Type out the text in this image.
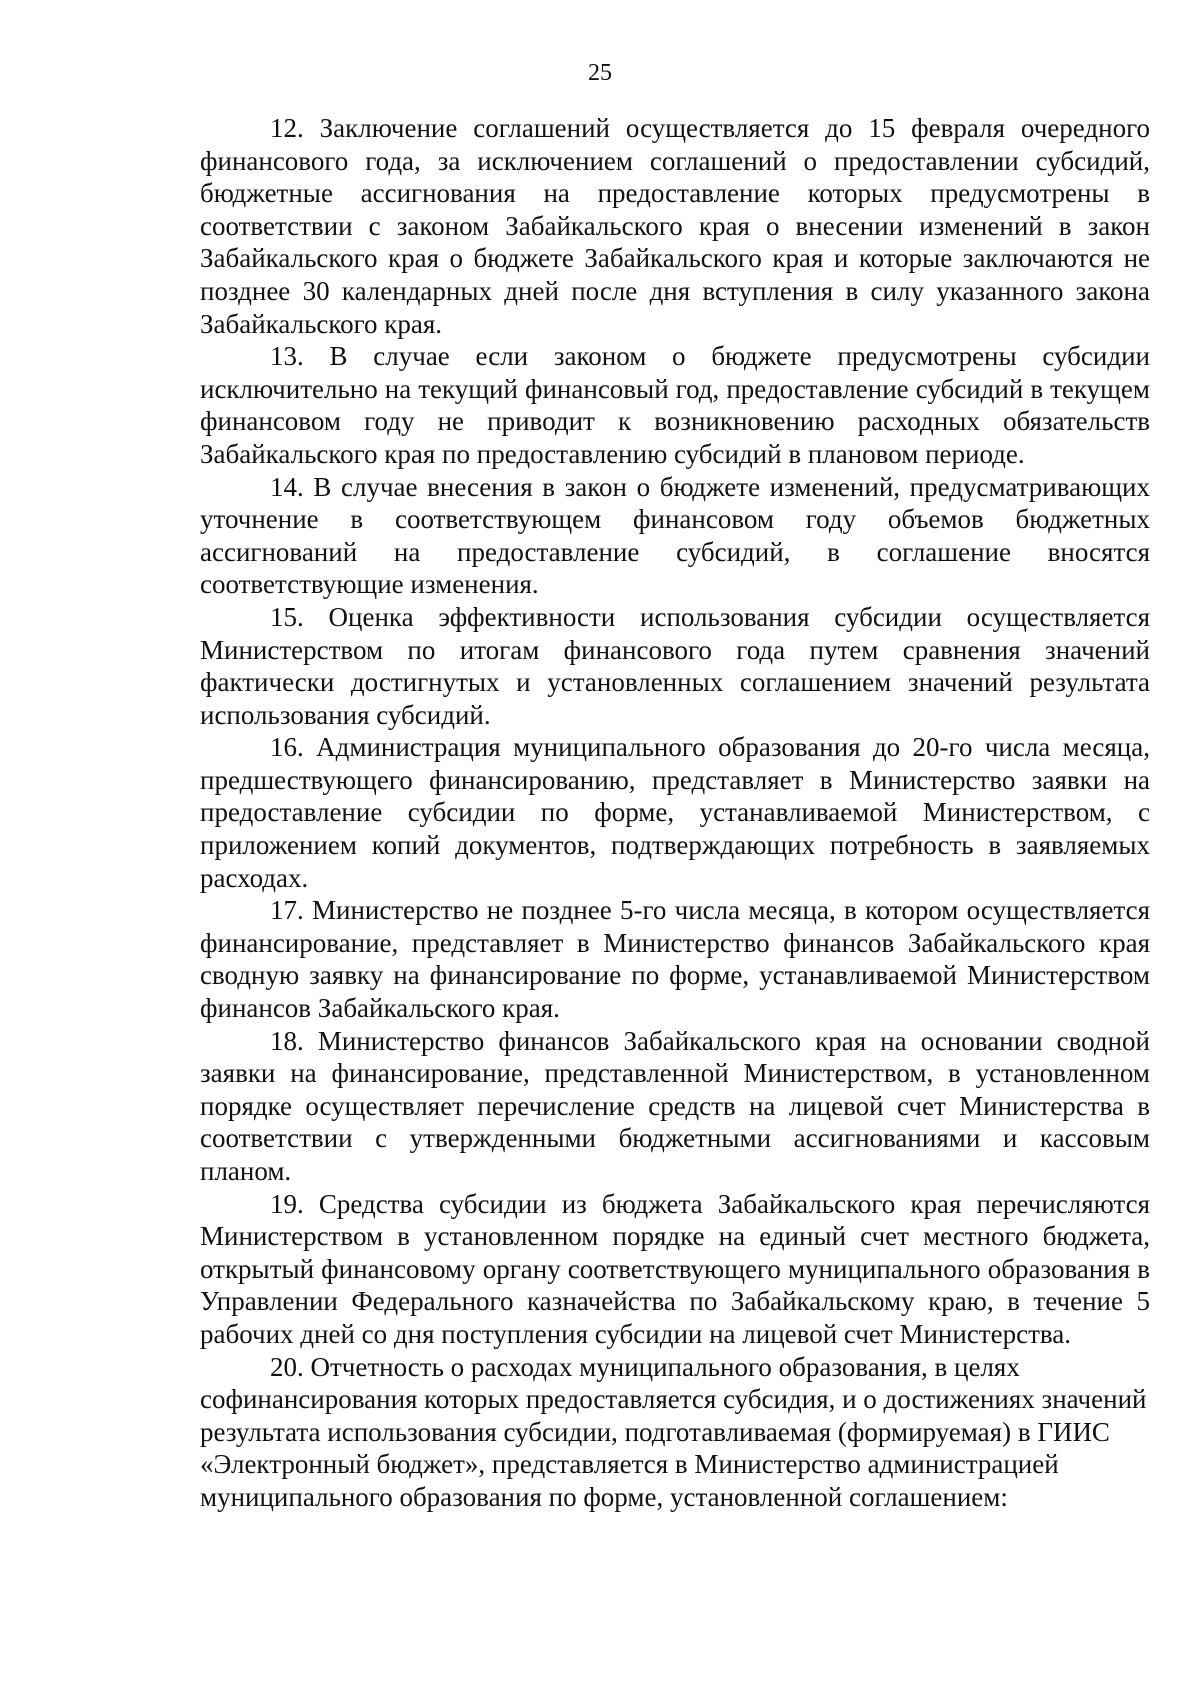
25

12. Заключение соглашений осуществляется до 15 февраля очередного финансового года, за исключением соглашений о предоставлении субсидий, бюджетные ассигнования на предоставление которых предусмотрены в соответствии с законом Забайкальского края о внесении изменений в закон Забайкальского края о бюджете Забайкальского края и которые заключаются не позднее 30 календарных дней после дня вступления в силу указанного закона Забайкальского края.

13. В случае если законом о бюджете предусмотрены субсидии исключительно на текущий финансовый год, предоставление субсидий в текущем финансовом году не приводит к возникновению расходных обязательств Забайкальского края по предоставлению субсидий в плановом периоде.

14. В случае внесения в закон о бюджете изменений, предусматривающих уточнение в соответствующем финансовом году объемов бюджетных ассигнований на предоставление субсидий, в соглашение вносятся соответствующие изменения.

15. Оценка эффективности использования субсидии осуществляется Министерством по итогам финансового года путем сравнения значений фактически достигнутых и установленных соглашением значений результата использования субсидий.

16. Администрация муниципального образования до 20-го числа месяца, предшествующего финансированию, представляет в Министерство заявки на предоставление субсидии по форме, устанавливаемой Министерством, с приложением копий документов, подтверждающих потребность в заявляемых расходах.

17. Министерство не позднее 5-го числа месяца, в котором осуществляется финансирование, представляет в Министерство финансов Забайкальского края сводную заявку на финансирование по форме, устанавливаемой Министерством финансов Забайкальского края.

18. Министерство финансов Забайкальского края на основании сводной заявки на финансирование, представленной Министерством, в установленном порядке осуществляет перечисление средств на лицевой счет Министерства в соответствии с утвержденными бюджетными ассигнованиями и кассовым планом.

19. Средства субсидии из бюджета Забайкальского края перечисляются Министерством в установленном порядке на единый счет местного бюджета, открытый финансовому органу соответствующего муниципального образования в Управлении Федерального казначейства по Забайкальскому краю, в течение 5 рабочих дней со дня поступления субсидии на лицевой счет Министерства.

20. Отчетность о расходах муниципального образования, в целях софинансирования которых предоставляется субсидия, и о достижениях значений результата использования субсидии, подготавливаемая (формируемая) в ГИИС «Электронный бюджет», представляется в Министерство администрацией муниципального образования по форме, установленной соглашением:
